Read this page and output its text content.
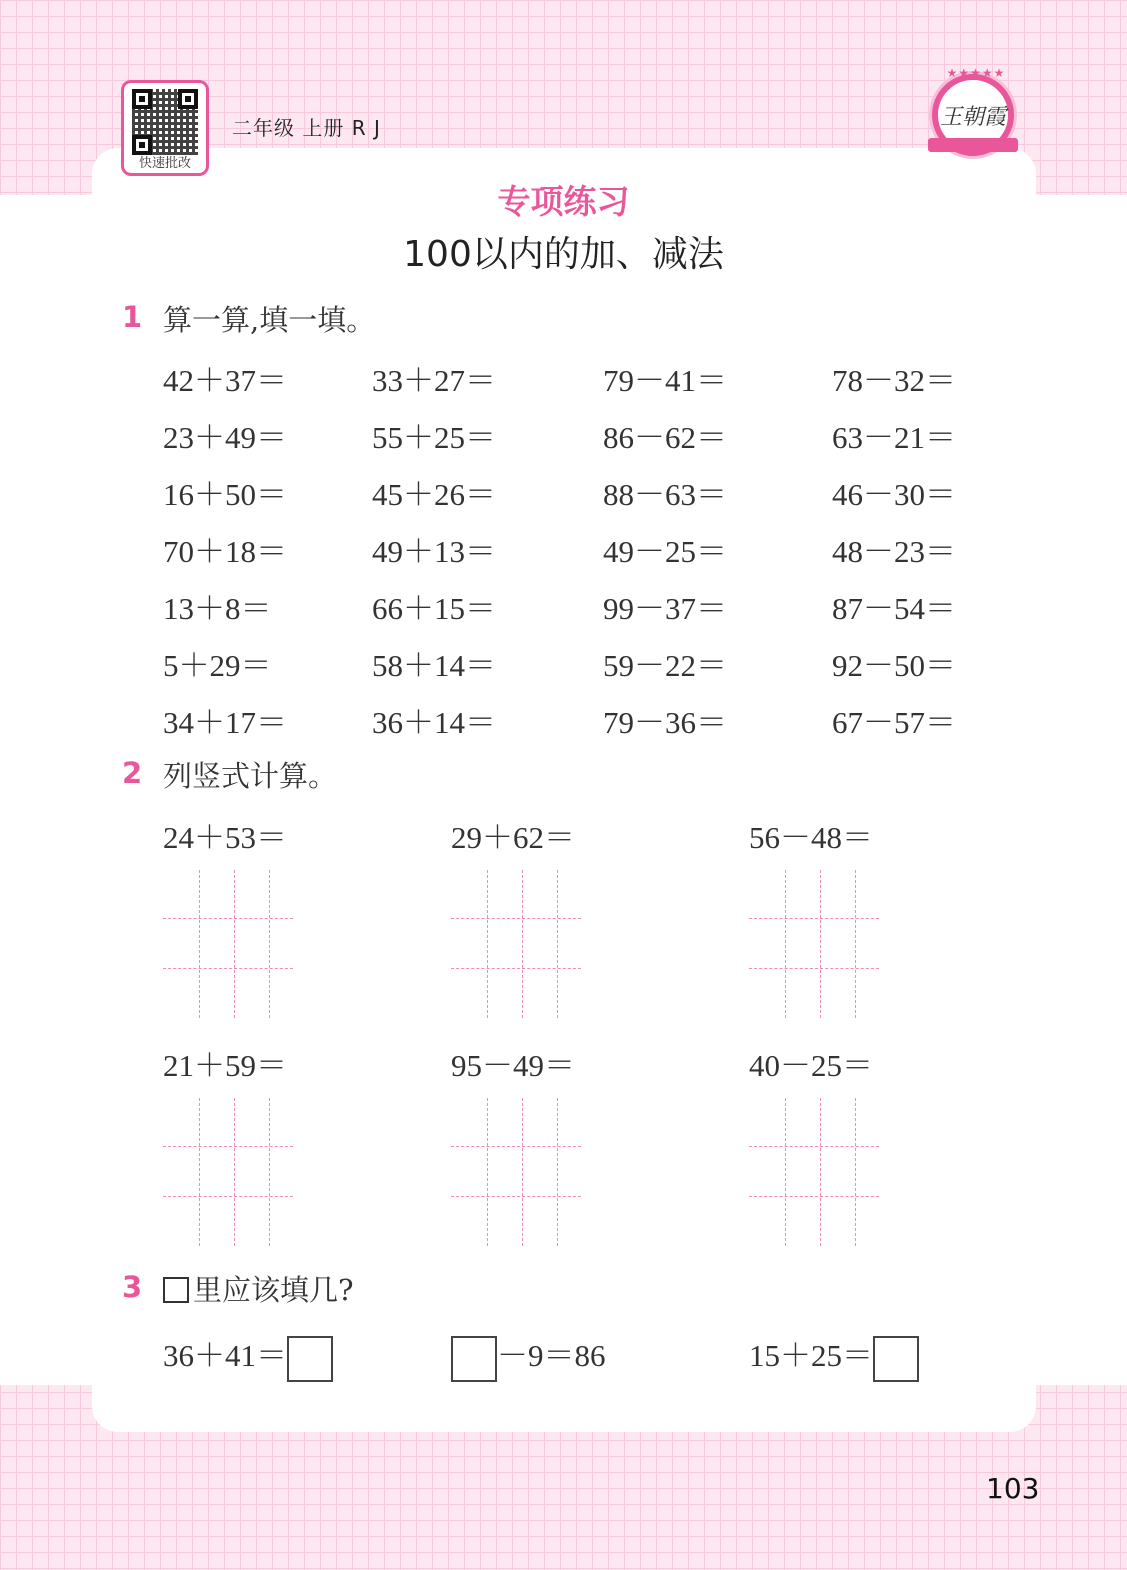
快速批改
二年级 上册 R J
★★★★★
王朝霞
专项练习
100以内的加、减法
1 算一算,填一填。
42＋37＝	33＋27＝	79－41＝	78－32＝
23＋49＝	55＋25＝	86－62＝	63－21＝
16＋50＝	45＋26＝	88－63＝	46－30＝
70＋18＝	49＋13＝	49－25＝	48－23＝
13＋8＝	66＋15＝	99－37＝	87－54＝
5＋29＝	58＋14＝	59－22＝	92－50＝
34＋17＝	36＋14＝	79－36＝	67－57＝
2 列竖式计算。
24＋53＝	29＋62＝	56－48＝
21＋59＝	95－49＝	40－25＝
3	里应该填几?
36＋41＝	－9＝86	15＋25＝
103
